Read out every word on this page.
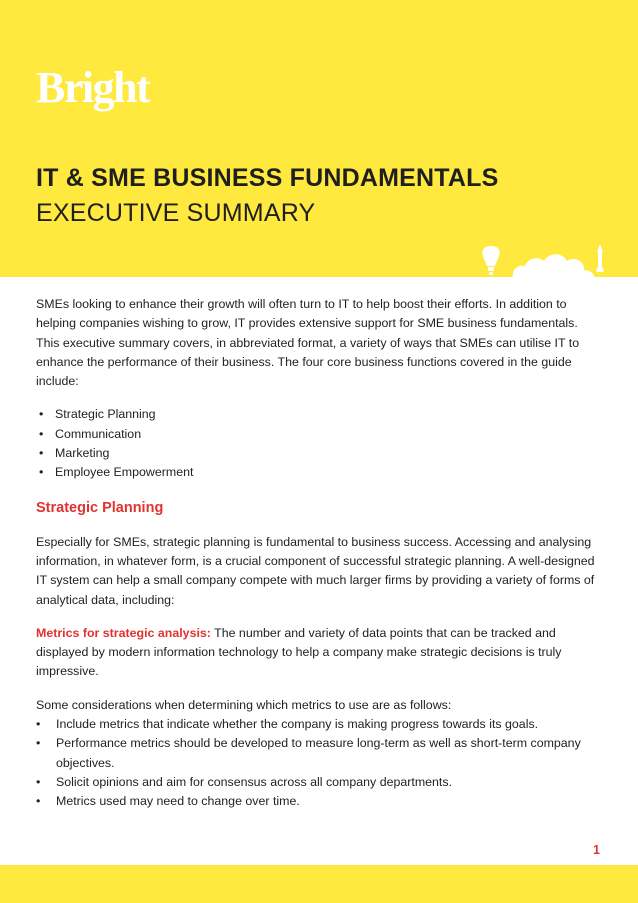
Bright
IT & SME BUSINESS FUNDAMENTALS
EXECUTIVE SUMMARY

SMEs looking to enhance their growth will often turn to IT to help boost their efforts. In addition to helping companies wishing to grow, IT provides extensive support for SME business fundamentals. This executive summary covers, in abbreviated format, a variety of ways that SMEs can utilise IT to enhance the performance of their business. The four core business functions covered in the guide include:

• Strategic Planning
• Communication
• Marketing
• Employee Empowerment
Strategic Planning

Especially for SMEs, strategic planning is fundamental to business success. Accessing and analysing information, in whatever form, is a crucial component of successful strategic planning. A well-designed IT system can help a small company compete with much larger firms by providing a variety of forms of analytical data, including:

Metrics for strategic analysis: The number and variety of data points that can be tracked and displayed by modern information technology to help a company make strategic decisions is truly impressive.

Some considerations when determining which metrics to use are as follows:

• Include metrics that indicate whether the company is making progress towards its goals.
• Performance metrics should be developed to measure long-term as well as short-term company objectives.
• Solicit opinions and aim for consensus across all company departments.
• Metrics used may need to change over time.
1
